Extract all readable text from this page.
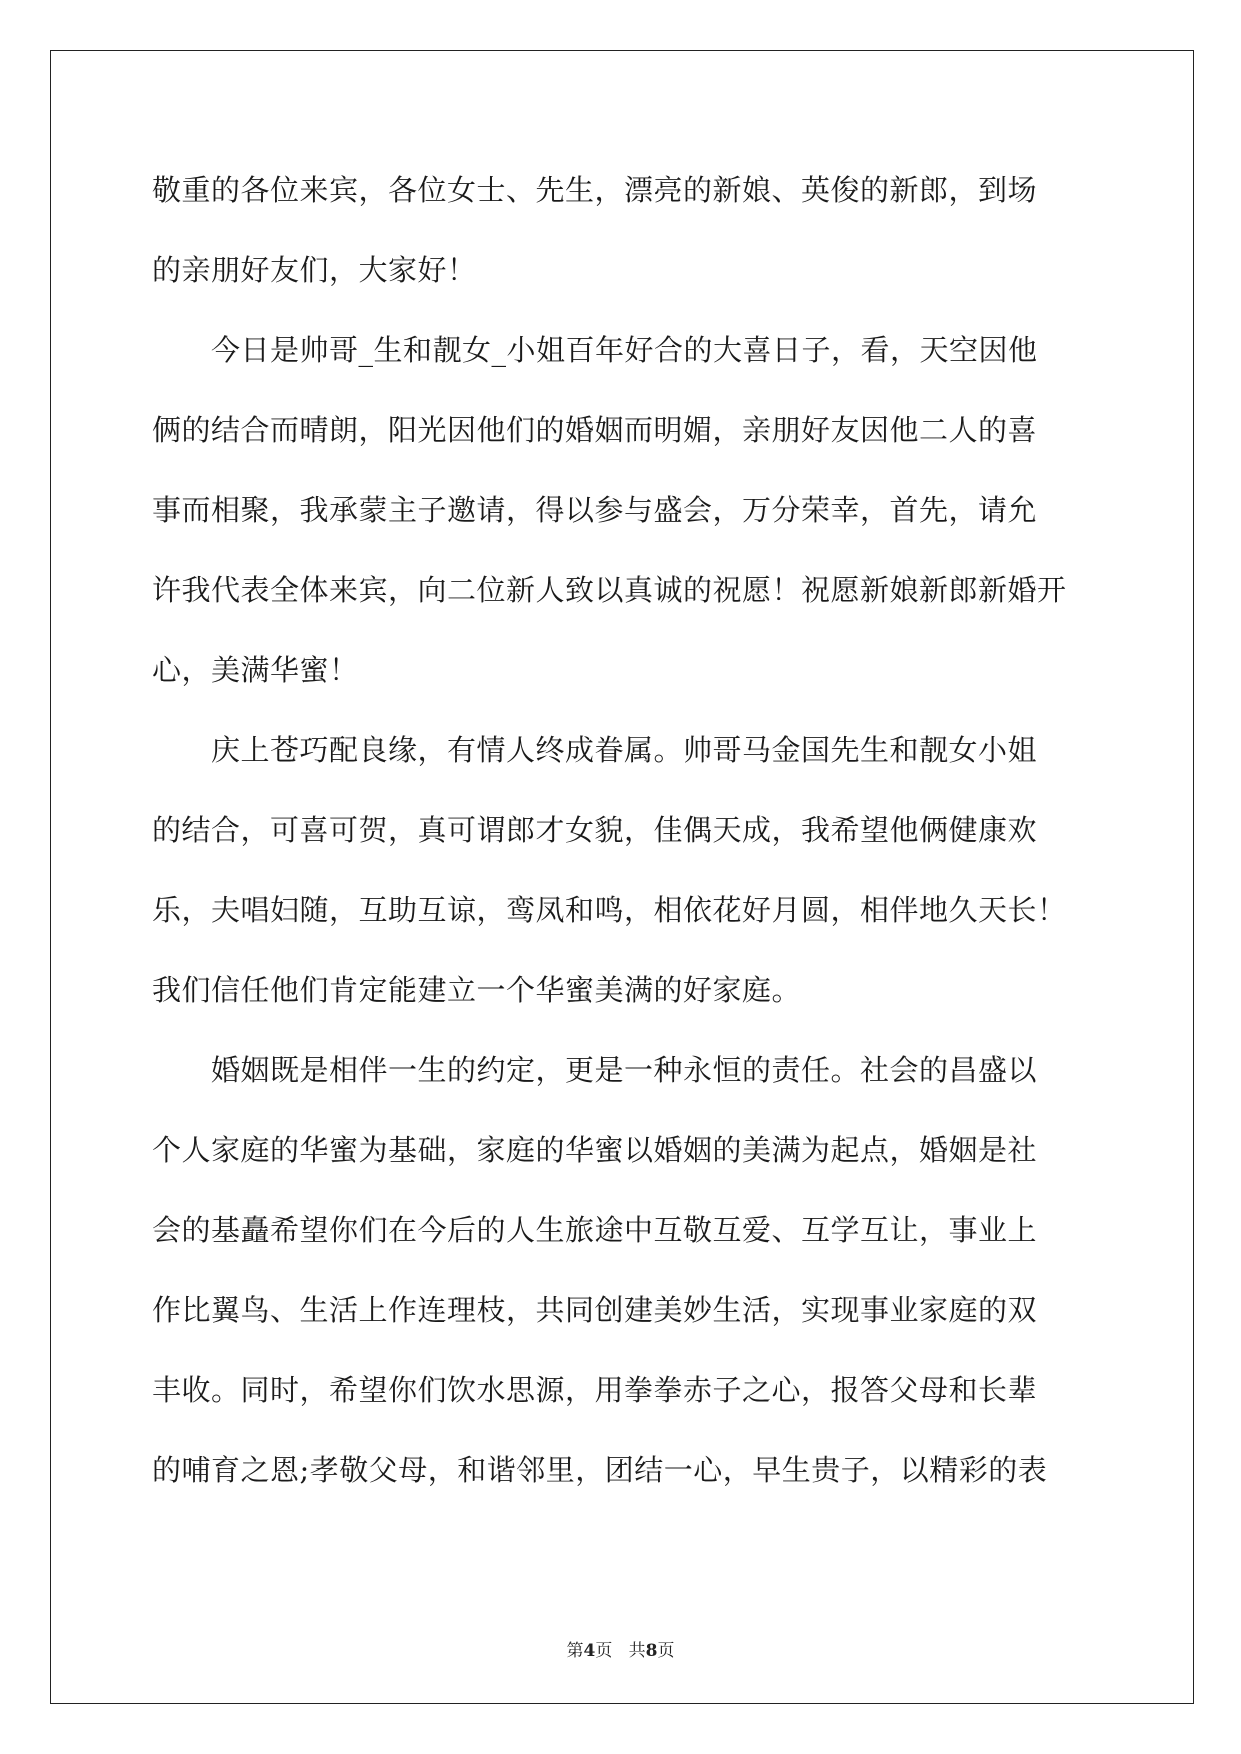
敬重的各位来宾，各位女士、先生，漂亮的新娘、英俊的新郎，到场
的亲朋好友们，大家好！
　　今日是帅哥_生和靓女_小姐百年好合的大喜日子，看，天空因他
俩的结合而晴朗，阳光因他们的婚姻而明媚，亲朋好友因他二人的喜
事而相聚，我承蒙主子邀请，得以参与盛会，万分荣幸，首先，请允
许我代表全体来宾，向二位新人致以真诚的祝愿！祝愿新娘新郎新婚开
心，美满华蜜！
　　庆上苍巧配良缘，有情人终成眷属。帅哥马金国先生和靓女小姐
的结合，可喜可贺，真可谓郎才女貌，佳偶天成，我希望他俩健康欢
乐，夫唱妇随，互助互谅，鸾凤和鸣，相依花好月圆，相伴地久天长！
我们信任他们肯定能建立一个华蜜美满的好家庭。
　　婚姻既是相伴一生的约定，更是一种永恒的责任。社会的昌盛以
个人家庭的华蜜为基础，家庭的华蜜以婚姻的美满为起点，婚姻是社
会的基矗希望你们在今后的人生旅途中互敬互爱、互学互让，事业上
作比翼鸟、生活上作连理枝，共同创建美妙生活，实现事业家庭的双
丰收。同时，希望你们饮水思源，用拳拳赤子之心，报答父母和长辈
的哺育之恩;孝敬父母，和谐邻里，团结一心，早生贵子，以精彩的表
第4页 共8页
